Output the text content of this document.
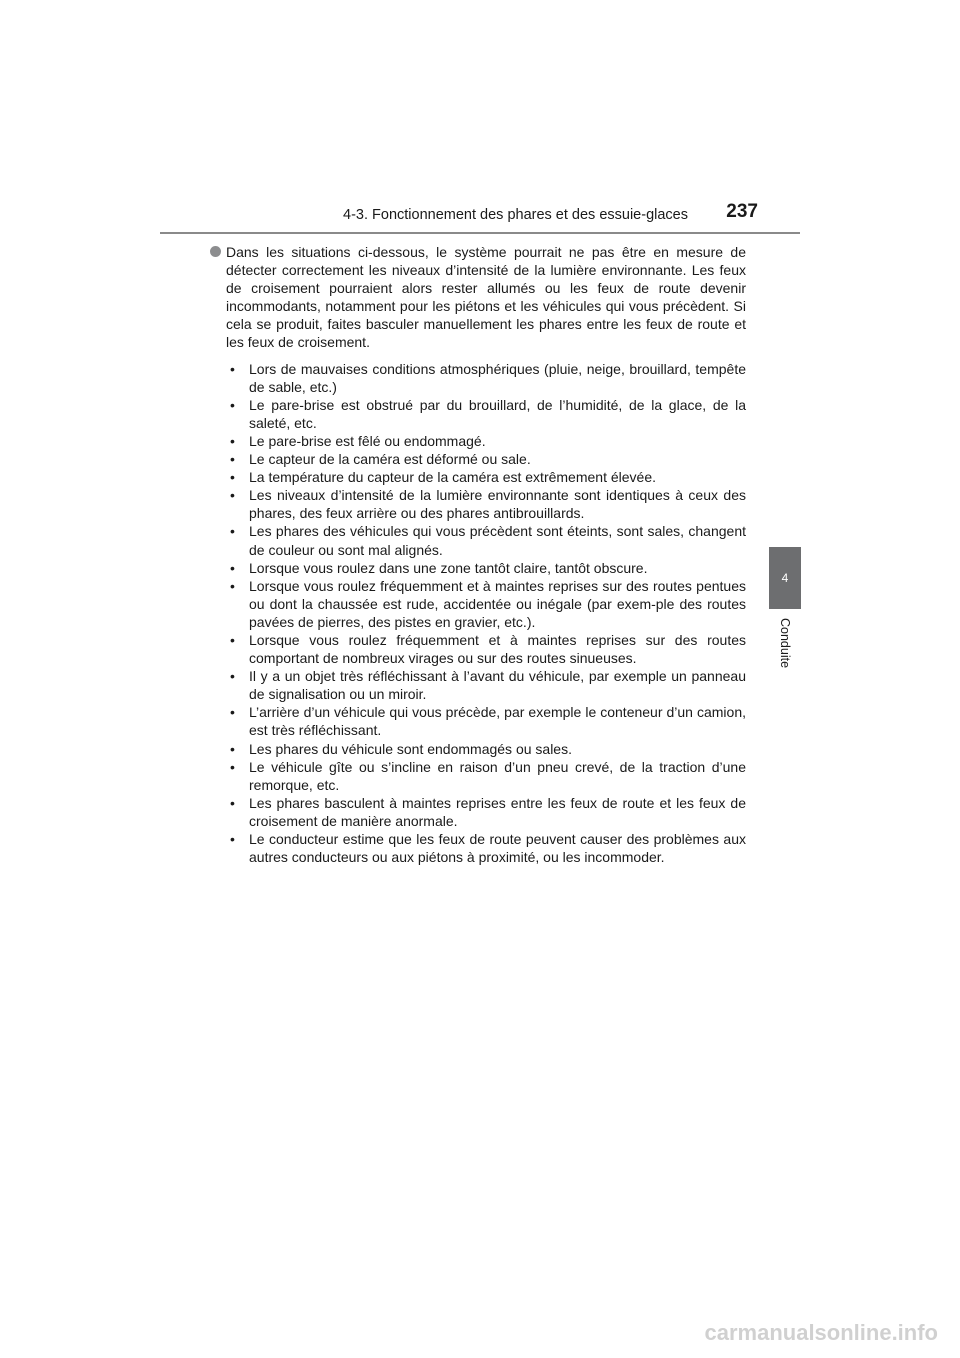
4-3. Fonctionnement des phares et des essuie-glaces 237
4
Conduite

Dans les situations ci-dessous, le système pourrait ne pas être en mesure de détecter correctement les niveaux d’intensité de la lumière environnante. Les feux de croisement pourraient alors rester allumés ou les feux de route devenir incommodants, notamment pour les piétons et les véhicules qui vous précèdent. Si cela se produit, faites basculer manuellement les phares entre les feux de route et les feux de croisement.

• Lors de mauvaises conditions atmosphériques (pluie, neige, brouillard, tempête de sable, etc.)
• Le pare-brise est obstrué par du brouillard, de l’humidité, de la glace, de la saleté, etc.
• Le pare-brise est fêlé ou endommagé.
• Le capteur de la caméra est déformé ou sale.
• La température du capteur de la caméra est extrêmement élevée.
• Les niveaux d’intensité de la lumière environnante sont identiques à ceux des phares, des feux arrière ou des phares antibrouillards.
• Les phares des véhicules qui vous précèdent sont éteints, sont sales, changent de couleur ou sont mal alignés.
• Lorsque vous roulez dans une zone tantôt claire, tantôt obscure.
• Lorsque vous roulez fréquemment et à maintes reprises sur des routes pentues ou dont la chaussée est rude, accidentée ou inégale (par exem-ple des routes pavées de pierres, des pistes en gravier, etc.).
• Lorsque vous roulez fréquemment et à maintes reprises sur des routes comportant de nombreux virages ou sur des routes sinueuses.
• Il y a un objet très réfléchissant à l’avant du véhicule, par exemple un panneau de signalisation ou un miroir.
• L’arrière d’un véhicule qui vous précède, par exemple le conteneur d’un camion, est très réfléchissant.
• Les phares du véhicule sont endommagés ou sales.
• Le véhicule gîte ou s’incline en raison d’un pneu crevé, de la traction d’une remorque, etc.
• Les phares basculent à maintes reprises entre les feux de route et les feux de croisement de manière anormale.
• Le conducteur estime que les feux de route peuvent causer des problèmes aux autres conducteurs ou aux piétons à proximité, ou les incommoder.
carmanualsonline.info
